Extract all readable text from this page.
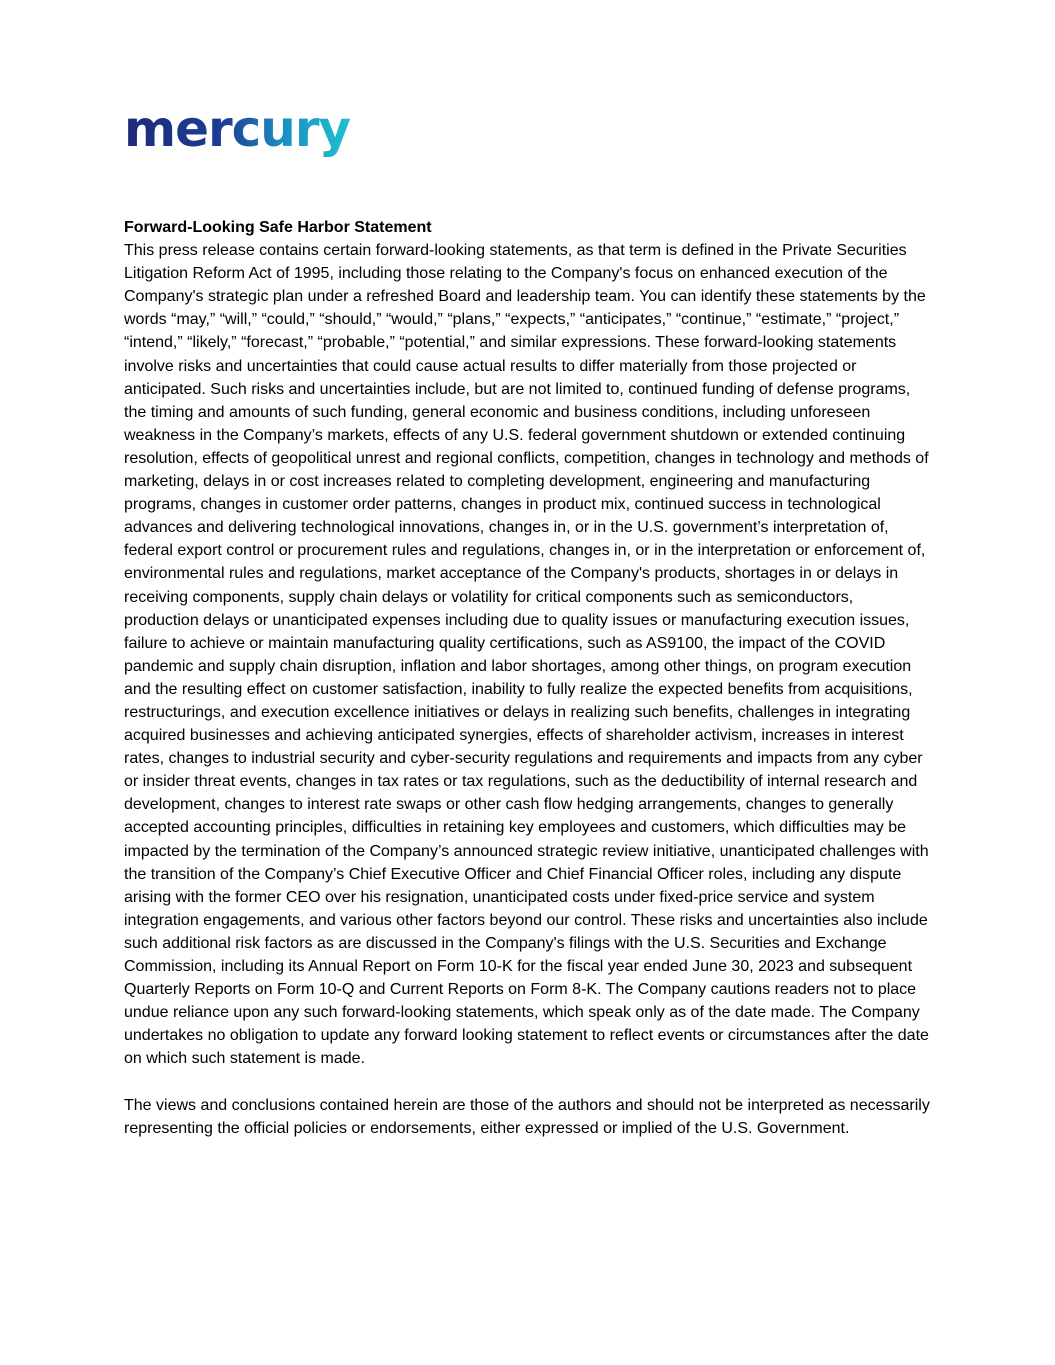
mercury

Forward-Looking Safe Harbor Statement

This press release contains certain forward-looking statements, as that term is defined in the Private Securities Litigation Reform Act of 1995, including those relating to the Company's focus on enhanced execution of the Company's strategic plan under a refreshed Board and leadership team. You can identify these statements by the words “may,” “will,” “could,” “should,” “would,” “plans,” “expects,” “anticipates,” “continue,” “estimate,” “project,” “intend,” “likely,” “forecast,” “probable,” “potential,” and similar expressions. These forward-looking statements involve risks and uncertainties that could cause actual results to differ materially from those projected or anticipated. Such risks and uncertainties include, but are not limited to, continued funding of defense programs, the timing and amounts of such funding, general economic and business conditions, including unforeseen weakness in the Company’s markets, effects of any U.S. federal government shutdown or extended continuing resolution, effects of geopolitical unrest and regional conflicts, competition, changes in technology and methods of marketing, delays in or cost increases related to completing development, engineering and manufacturing programs, changes in customer order patterns, changes in product mix, continued success in technological advances and delivering technological innovations, changes in, or in the U.S. government’s interpretation of, federal export control or procurement rules and regulations, changes in, or in the interpretation or enforcement of, environmental rules and regulations, market acceptance of the Company's products, shortages in or delays in receiving components, supply chain delays or volatility for critical components such as semiconductors, production delays or unanticipated expenses including due to quality issues or manufacturing execution issues, failure to achieve or maintain manufacturing quality certifications, such as AS9100, the impact of the COVID pandemic and supply chain disruption, inflation and labor shortages, among other things, on program execution and the resulting effect on customer satisfaction, inability to fully realize the expected benefits from acquisitions, restructurings, and execution excellence initiatives or delays in realizing such benefits, challenges in integrating acquired businesses and achieving anticipated synergies, effects of shareholder activism, increases in interest rates, changes to industrial security and cyber-security regulations and requirements and impacts from any cyber or insider threat events, changes in tax rates or tax regulations, such as the deductibility of internal research and development, changes to interest rate swaps or other cash flow hedging arrangements, changes to generally accepted accounting principles, difficulties in retaining key employees and customers, which difficulties may be impacted by the termination of the Company’s announced strategic review initiative, unanticipated challenges with the transition of the Company’s Chief Executive Officer and Chief Financial Officer roles, including any dispute arising with the former CEO over his resignation, unanticipated costs under fixed-price service and system integration engagements, and various other factors beyond our control. These risks and uncertainties also include such additional risk factors as are discussed in the Company's filings with the U.S. Securities and Exchange Commission, including its Annual Report on Form 10-K for the fiscal year ended June 30, 2023 and subsequent Quarterly Reports on Form 10-Q and Current Reports on Form 8-K. The Company cautions readers not to place undue reliance upon any such forward-looking statements, which speak only as of the date made. The Company undertakes no obligation to update any forward looking statement to reflect events or circumstances after the date on which such statement is made.

The views and conclusions contained herein are those of the authors and should not be interpreted as necessarily representing the official policies or endorsements, either expressed or implied of the U.S. Government.
